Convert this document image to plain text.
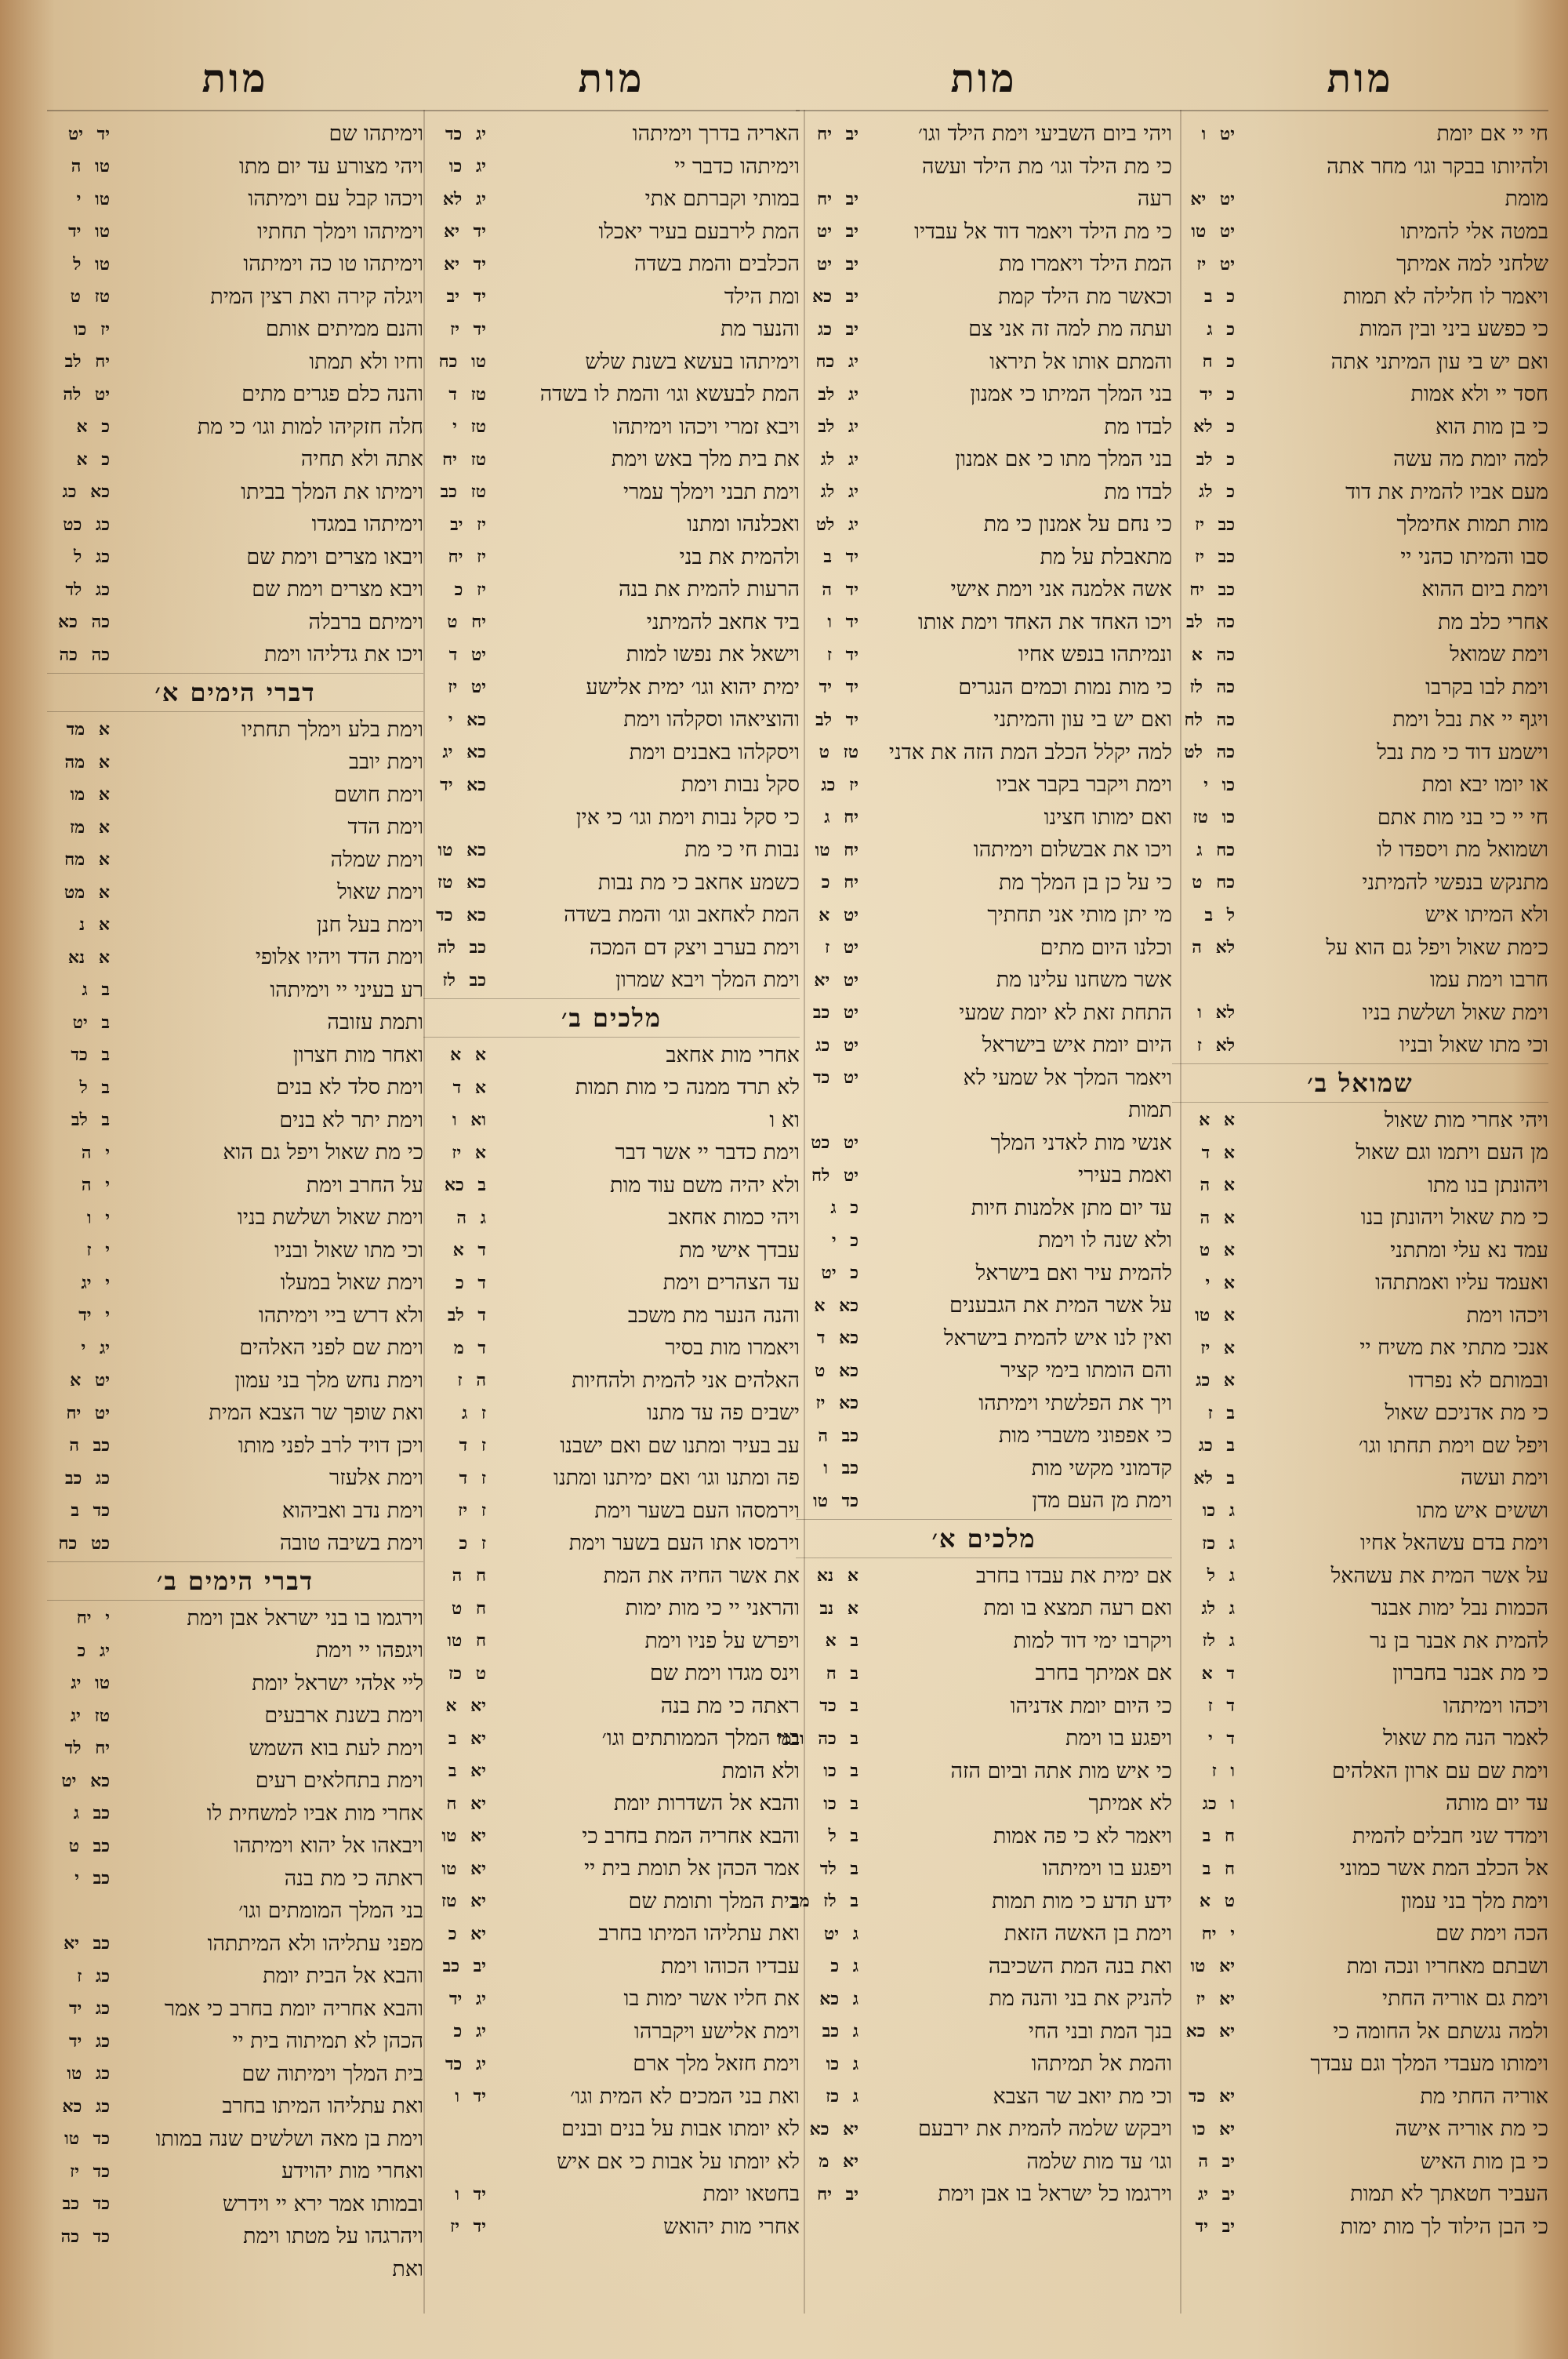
מות
חי יי אם יומת
יט ו
ולהיותו בבקר וגו׳ מחר אתה
מומת
יט יא
במטה אלי להמיתו
יט טו
שלחני למה אמיתך
יט יז
ויאמר לו חלילה לא תמות
כ ב
כי כפשע ביני ובין המות
כ ג
ואם יש בי עון המיתני אתה
כ ח
חסד יי ולא אמות
כ יד
כי בן מות הוא
כ לא
למה יומת מה עשה
כ לב
מעם אביו להמית את דוד
כ לג
מות תמות אחימלך
כב יז
סבו והמיתו כהני יי
כב יז
וימת ביום ההוא
כב יח
אחרי כלב מת
כה לב
וימת שמואל
כה א
וימת לבו בקרבו
כה לז
ויגף יי את נבל וימת
כה לח
וישמע דוד כי מת נבל
כה לט
או יומו יבא ומת
כו י
חי יי כי בני מות אתם
כו טז
ושמואל מת ויספדו לו
כח ג
מתנקש בנפשי להמיתני
כח ט
ולא המיתו איש
ל ב
כימת שאול ויפל גם הוא על
לא ה
חרבו וימת עמו
וימת שאול ושלשת בניו
לא ו
וכי מתו שאול ובניו
לא ז
שמואל ב׳
ויהי אחרי מות שאול
א א
מן העם ויתמו וגם שאול
א ד
ויהונתן בנו מתו
א ה
כי מת שאול ויהונתן בנו
א ה
עמד נא עלי ומתתני
א ט
ואעמד עליו ואמתתהו
א י
ויכהו וימת
א טו
אנכי מתתי את משיח יי
א יז
ובמותם לא נפרדו
א כג
כי מת אדניכם שאול
ב ז
ויפל שם וימת תחתו וגו׳
ב כג
וימת ועשה
ב לא
וששים איש מתו
ג כו
וימת בדם עשהאל אחיו
ג כז
על אשר המית את עשהאל
ג ל
הכמות נבל ימות אבנר
ג לג
להמית את אבנר בן נר
ג לז
כי מת אבנר בחברון
ד א
ויכהו וימיתהו
ד ז
לאמר הנה מת שאול
ד י
וימת שם עם ארון האלהים
ו ז
עד יום מותה
ו כג
וימדד שני חבלים להמית
ח ב
אל הכלב המת אשר כמוני
ח ב
וימת מלך בני עמון
ט א
הכה וימת שם
י יח
ושבתם מאחריו ונכה ומת
יא טו
וימת גם אוריה החתי
יא יז
ולמה נגשתם אל החומה כי
יא כא
וימותו מעבדי המלך וגם עבדך
אוריה החתי מת
יא כד
כי מת אוריה אישה
יא כו
כי בן מות האיש
יב ה
העביר חטאתך לא תמות
יב יג
כי הבן הילוד לך מות ימות
יב יד
מות
ויהי ביום השביעי וימת הילד וגו׳
יב יח
כי מת הילד וגו׳ מת הילד ועשה
רעה
יב יח
כי מת הילד ויאמר דוד אל עבדיו
יב יט
המת הילד ויאמרו מת
יב יט
וכאשר מת הילד קמת
יב כא
ועתה מת למה זה אני צם
יב כג
והמתם אותו אל תיראו
יג כח
בני המלך המיתו כי אמנון
יג לב
לבדו מת
יג לב
בני המלך מתו כי אם אמנון
יג לג
לבדו מת
יג לג
כי נחם על אמנון כי מת
יג לט
מתאבלת על מת
יד ב
אשה אלמנה אני וימת אישי
יד ה
ויכו האחד את האחד וימת אותו
יד ו
ונמיתהו בנפש אחיו
יד ז
כי מות נמות וכמים הנגרים
יד יד
ואם יש בי עון והמיתני
יד לב
למה יקלל הכלב המת הזה את אדני
טז ט
וימת ויקבר בקבר אביו
יז כג
ואם ימותו חצינו
יח ג
ויכו את אבשלום וימיתהו
יח טו
כי על כן בן המלך מת
יח כ
מי יתן מותי אני תחתיך
יט א
וכלנו היום מתים
יט ז
אשר משחנו עלינו מת
יט יא
התחת זאת לא יומת שמעי
יט כב
היום יומת איש בישראל
יט כג
ויאמר המלך אל שמעי לא
יט כד
תמות
אנשי מות לאדני המלך
יט כט
ואמת בעירי
יט לח
עד יום מתן אלמנות חיות
כ ג
ולא שנה לו וימת
כ י
להמית עיר ואם בישראל
כ יט
על אשר המית את הגבענים
כא א
ואין לנו איש להמית בישראל
כא ד
והם הומתו בימי קציר
כא ט
ויך את הפלשתי וימיתהו
כא יז
כי אפפוני משברי מות
כב ה
קדמוני מקשי מות
כב ו
וימת מן העם מדן
כד טו
מלכים א׳
אם ימית את עבדו בחרב
א נא
ואם רעה תמצא בו ומת
א נב
ויקרבו ימי דוד למות
ב א
אם אמיתך בחרב
ב ח
כי היום יומת אדניהו
ב כד
ויפגע בו וימת
ב כה ובמו
כי איש מות אתה וביום הזה
ב כו
לא אמיתך
ב כו
ויאמר לא כי פה אמות
ב ל
ויפגע בו וימיתהו
ב לד
ידע תדע כי מות תמות
ב לז מב
וימת בן האשה הזאת
ג יט
ואת בנה המת השכיבה
ג כ
להניק את בני והנה מת
ג כא
בנך המת ובני החי
ג כב
והמת אל תמיתהו
ג כו
וכי מת יואב שר הצבא
ג כז
ויבקש שלמה להמית את ירבעם
יא כא
וגו׳ עד מות שלמה
יא מ
וירגמו כל ישראל בו אבן וימת
יב יח
מות
האריה בדרך וימיתהו
יג כד
וימיתהו כדבר יי
יג כו
במותי וקברתם אתי
יג לא
המת לירבעם בעיר יאכלו
יד יא
הכלבים והמת בשדה
יד יא
ומת הילד
יד יב
והנער מת
יד יז
וימיתהו בעשא בשנת שלש
טו כח
המת לבעשא וגו׳ והמת לו בשדה
טז ד
ויבא זמרי ויכהו וימיתהו
טז י
את בית מלך באש וימת
טז יח
וימת תבני וימלך עמרי
טז כב
ואכלנהו ומתנו
יז יב
ולהמית את בני
יז יח
הרעות להמית את בנה
יז כ
ביד אחאב להמיתני
יח ט
וישאל את נפשו למות
יט ד
ימית יהוא וגו׳ ימית אלישע
יט יז
והוציאהו וסקלהו וימת
כא י
ויסקלהו באבנים וימת
כא יג
סקל נבות וימת
כא יד
כי סקל נבות וימת וגו׳ כי אין
נבות חי כי מת
כא טו
כשמע אחאב כי מת נבות
כא טז
המת לאחאב וגו׳ והמת בשדה
כא כד
וימת בערב ויצק דם המכה
כב לה
וימת המלך ויבא שמרון
כב לז
מלכים ב׳
אחרי מות אחאב
א א
לא תרד ממנה כי מות תמות
א ד
וא ו
וא ו
וימת כדבר יי אשר דבר
א יז
ולא יהיה משם עוד מות
ב כא
ויהי כמות אחאב
ג ה
עבדך אישי מת
ד א
עד הצהרים וימת
ד כ
והנה הנער מת משכב
ד לב
ויאמרו מות בסיר
ד מ
האלהים אני להמית ולהחיות
ה ז
ישבים פה עד מתנו
ז ג
עב בעיר ומתנו שם ואם ישבנו
ז ד
פה ומתנו וגו׳ ואם ימיתנו ומתנו
ז ד
וירמסהו העם בשער וימת
ז יז
וירמסו אתו העם בשער וימת
ז כ
את אשר החיה את המת
ח ה
והראני יי כי מות ימות
ח ט
ויפרש על פניו וימת
ח טו
וינס מגדו וימת שם
ט כז
ראתה כי מת בנה
יא א
בני המלך הממותתים וגו׳
יא ב
ולא הומת
יא ב
והבא אל השדרות יומת
יא ח
והבא אחריה המת בחרב כי
יא טו
אמר הכהן אל תומת בית יי
יא טו
בית המלך ותומת שם
יא טז
ואת עתליהו המיתו בחרב
יא כ
עבדיו הכוהו וימת
יב כב
את חליו אשר ימות בו
יג יד
וימת אלישע ויקברהו
יג כ
וימת חזאל מלך ארם
יג כד
ואת בני המכים לא המית וגו׳
יד ו
לא יומתו אבות על בנים ובנים
לא יומתו על אבות כי אם איש
בחטאו יומת
יד ו
אחרי מות יהואש
יד יז
מות
וימיתהו שם
יד יט
ויהי מצורע עד יום מתו
טו ה
ויכהו קבל עם וימיתהו
טו י
וימיתהו וימלך תחתיו
טו יד
וימיתהו טו כה וימיתהו
טו ל
ויגלה קירה ואת רצין המית
טז ט
והנם ממיתים אותם
יז כו
וחיו ולא תמתו
יח לב
והנה כלם פגרים מתים
יט לה
חלה חזקיהו למות וגו׳ כי מת
כ א
אתה ולא תחיה
כ א
וימיתו את המלך בביתו
כא כג
וימיתהו במגדו
כג כט
ויבאו מצרים וימת שם
כג ל
ויבא מצרים וימת שם
כג לד
וימיתם ברבלה
כה כא
ויכו את גדליהו וימת
כה כה
דברי הימים א׳
וימת בלע וימלך תחתיו
א מד
וימת יובב
א מה
וימת חושם
א מו
וימת הדד
א מז
וימת שמלה
א מח
וימת שאול
א מט
וימת בעל חנן
א נ
וימת הדד ויהיו אלופי
א נא
רע בעיני יי וימיתהו
ב ג
ותמת עזובה
ב יט
ואחר מות חצרון
ב כד
וימת סלד לא בנים
ב ל
וימת יתר לא בנים
ב לב
כי מת שאול ויפל גם הוא
י ה
על החרב וימת
י ה
וימת שאול ושלשת בניו
י ו
וכי מתו שאול ובניו
י ז
וימת שאול במעלו
י יג
ולא דרש ביי וימיתהו
י יד
וימת שם לפני האלהים
יג י
וימת נחש מלך בני עמון
יט א
ואת שופך שר הצבא המית
יט יח
ויכן דויד לרב לפני מותו
כב ה
וימת אלעזר
כג כב
וימת נדב ואביהוא
כד ב
וימת בשיבה טובה
כט כח
דברי הימים ב׳
וירגמו בו בני ישראל אבן וימת
י יח
ויגפהו יי וימת
יג כ
ליי אלהי ישראל יומת
טו יג
וימת בשנת ארבעים
טז יג
וימת לעת בוא השמש
יח לד
וימת בתחלאים רעים
כא יט
אחרי מות אביו למשחית לו
כב ג
ויבאהו אל יהוא וימיתהו
כב ט
ראתה כי מת בנה
כב י
בני המלך המומתים וגו׳
מפני עתליהו ולא המיתתהו
כב יא
והבא אל הבית יומת
כג ז
והבא אחריה יומת בחרב כי אמר
כג יד
הכהן לא תמיתוה בית יי
כג יד
בית המלך וימיתוה שם
כג טו
ואת עתליהו המיתו בחרב
כג כא
וימת בן מאה ושלשים שנה במותו
כד טו
ואחרי מות יהוידע
כד יז
ובמותו אמר ירא יי וידרש
כד כב
ויהרגהו על מטתו וימת
כד כה
ואת
